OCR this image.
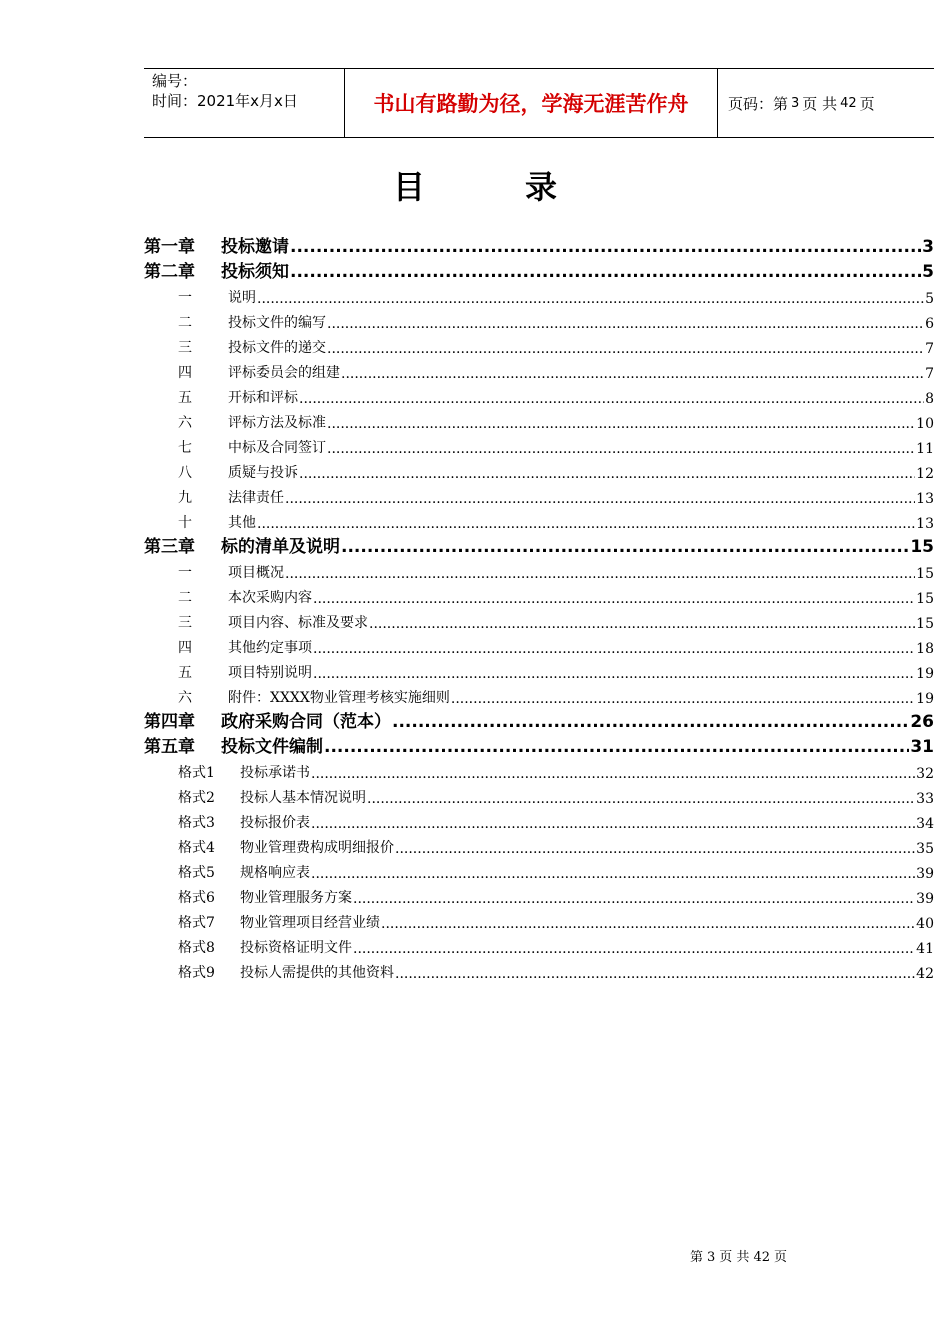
编号：
时间：2021年x月x日	书山有路勤为径，学海无涯苦作舟	页码：第 3 页 共 42 页
目	录
第一章	投标邀请 .....	3
第二章	投标须知 .....	5
一	说明 .....	5
二	投标文件的编写 .....	6
三	投标文件的递交 .....	7
四	评标委员会的组建 .....	7
五	开标和评标 .....	8
六	评标方法及标准 .....	10
七	中标及合同签订 .....	11
八	质疑与投诉 .....	12
九	法律责任 .....	13
十	其他 .....	13
第三章	标的清单及说明 .....	15
一	项目概况 .....	15
二	本次采购内容 .....	15
三	项目内容、标准及要求 .....	15
四	其他约定事项 .....	18
五	项目特别说明 .....	19
六	附件：XXXX物业管理考核实施细则 .....	19
第四章	政府采购合同（范本） .....	26
第五章	投标文件编制 .....	31
格式1	投标承诺书 .....	32
格式2	投标人基本情况说明 .....	33
格式3	投标报价表 .....	34
格式4	物业管理费构成明细报价 .....	35
格式5	规格响应表 .....	39
格式6	物业管理服务方案 .....	39
格式7	物业管理项目经营业绩 .....	40
格式8	投标资格证明文件 .....	41
格式9	投标人需提供的其他资料 .....	42
第 3 页 共 42 页
